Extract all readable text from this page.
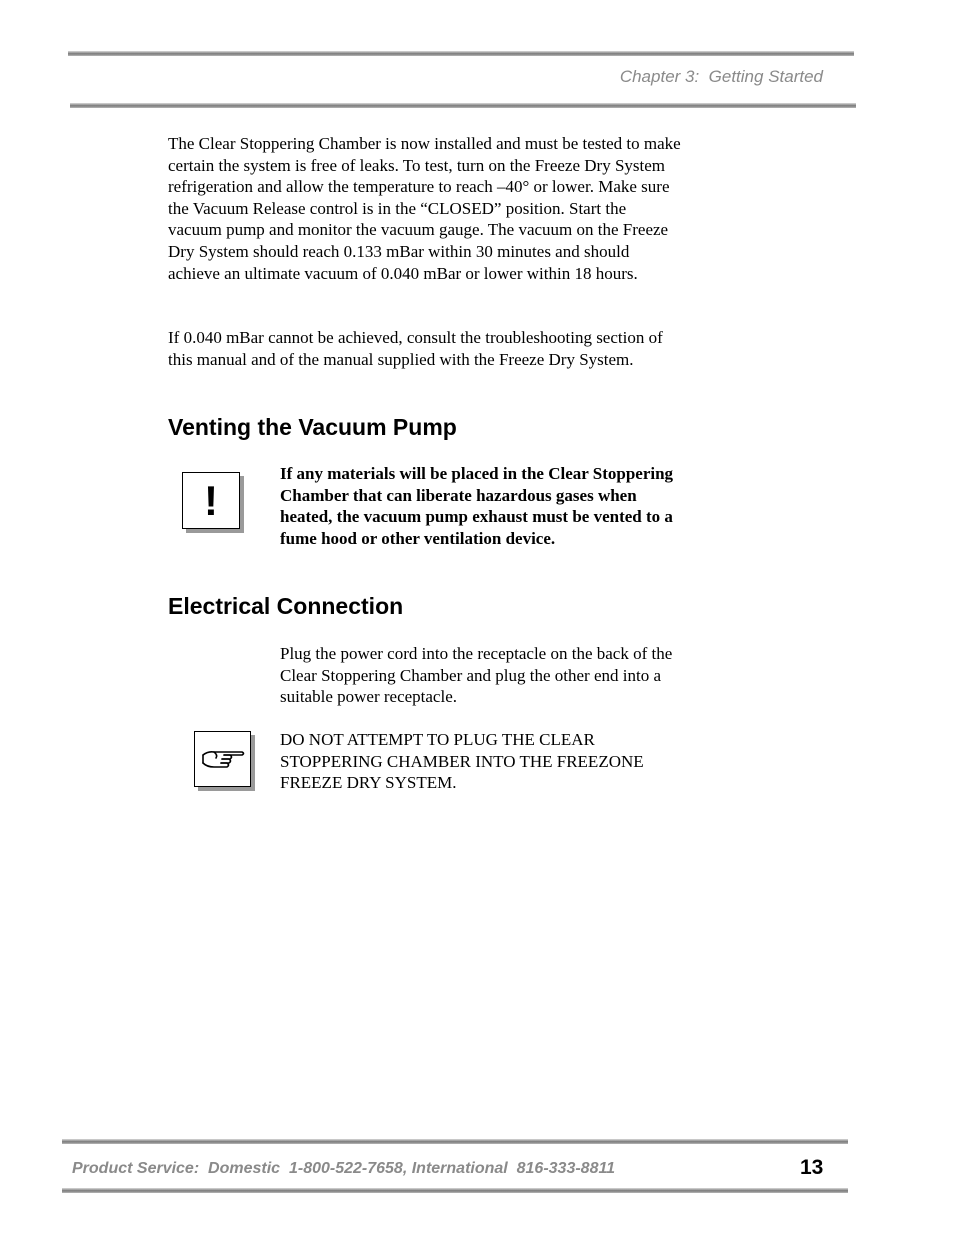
Chapter 3:  Getting Started

The Clear Stoppering Chamber is now installed and must be tested to make certain the system is free of leaks. To test, turn on the Freeze Dry System refrigeration and allow the temperature to reach –40° or lower. Make sure the Vacuum Release control is in the “CLOSED” position. Start the vacuum pump and monitor the vacuum gauge. The vacuum on the Freeze Dry System should reach 0.133 mBar within 30 minutes and should achieve an ultimate vacuum of 0.040 mBar or lower within 18 hours.

If 0.040 mBar cannot be achieved, consult the troubleshooting section of this manual and of the manual supplied with the Freeze Dry System.

Venting the Vacuum Pump
!

If any materials will be placed in the Clear Stoppering Chamber that can liberate hazardous gases when heated, the vacuum pump exhaust must be vented to a fume hood or other ventilation device.

Electrical Connection

Plug the power cord into the receptacle on the back of the Clear Stoppering Chamber and plug the other end into a suitable power receptacle.

DO NOT ATTEMPT TO PLUG THE CLEAR STOPPERING CHAMBER INTO THE FREEZONE FREEZE DRY SYSTEM.

Product Service:  Domestic  1-800-522-7658, International  816-333-8811	13
